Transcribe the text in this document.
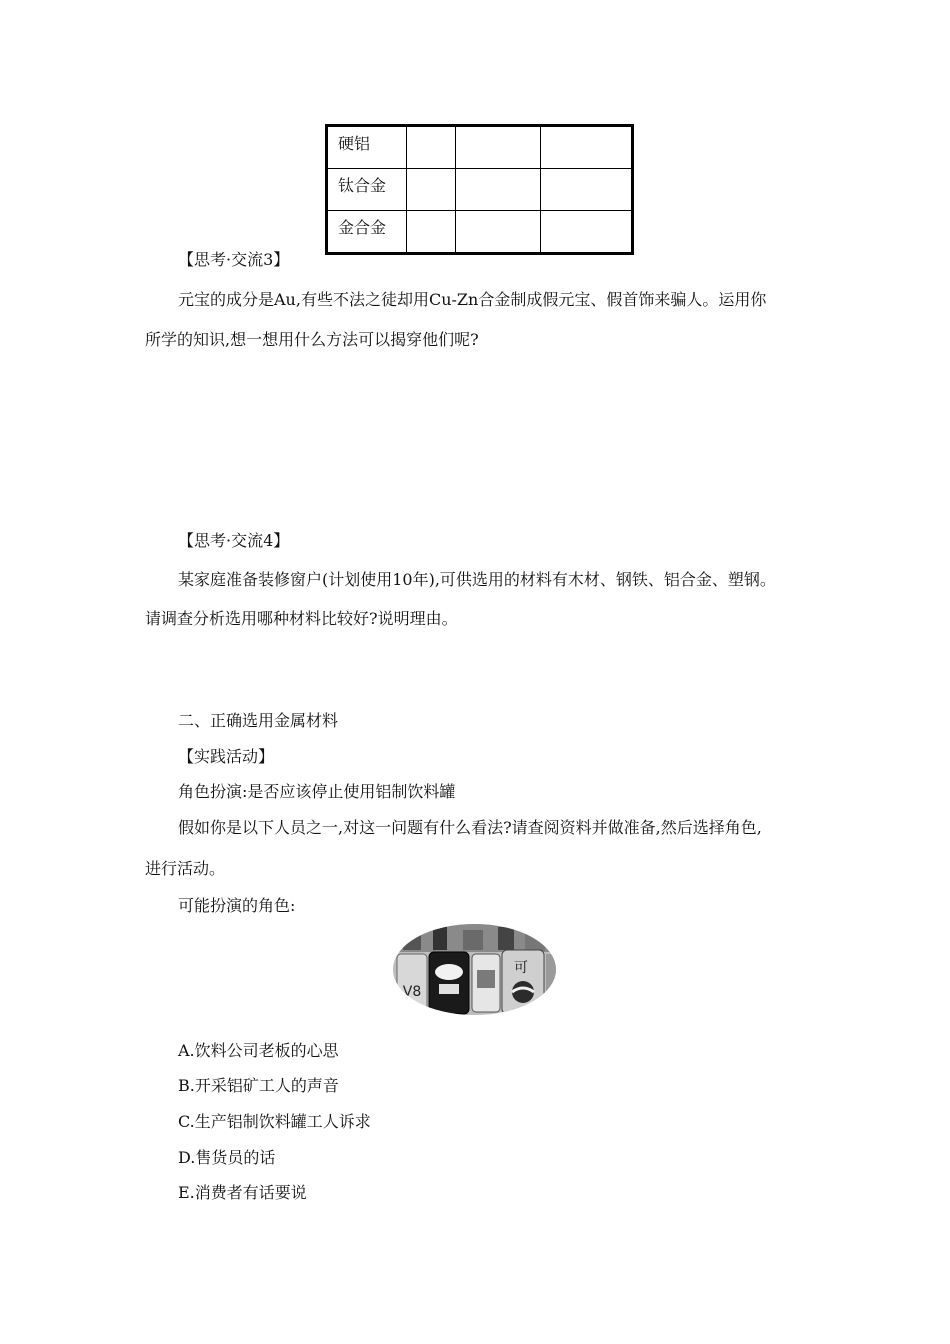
硬铝			
钛合金			
金合金			
【思考·交流3】
元宝的成分是Au,有些不法之徒却用Cu-Zn合金制成假元宝、假首饰来骗人。运用你
所学的知识,想一想用什么方法可以揭穿他们呢?
【思考·交流4】
某家庭准备装修窗户(计划使用10年),可供选用的材料有木材、钢铁、铝合金、塑钢。
请调查分析选用哪种材料比较好?说明理由。
二、正确选用金属材料
【实践活动】
角色扮演:是否应该停止使用铝制饮料罐
假如你是以下人员之一,对这一问题有什么看法?请查阅资料并做准备,然后选择角色,
进行活动。
可能扮演的角色:
V8
可
A.饮料公司老板的心思
B.开采铝矿工人的声音
C.生产铝制饮料罐工人诉求
D.售货员的话
E.消费者有话要说
